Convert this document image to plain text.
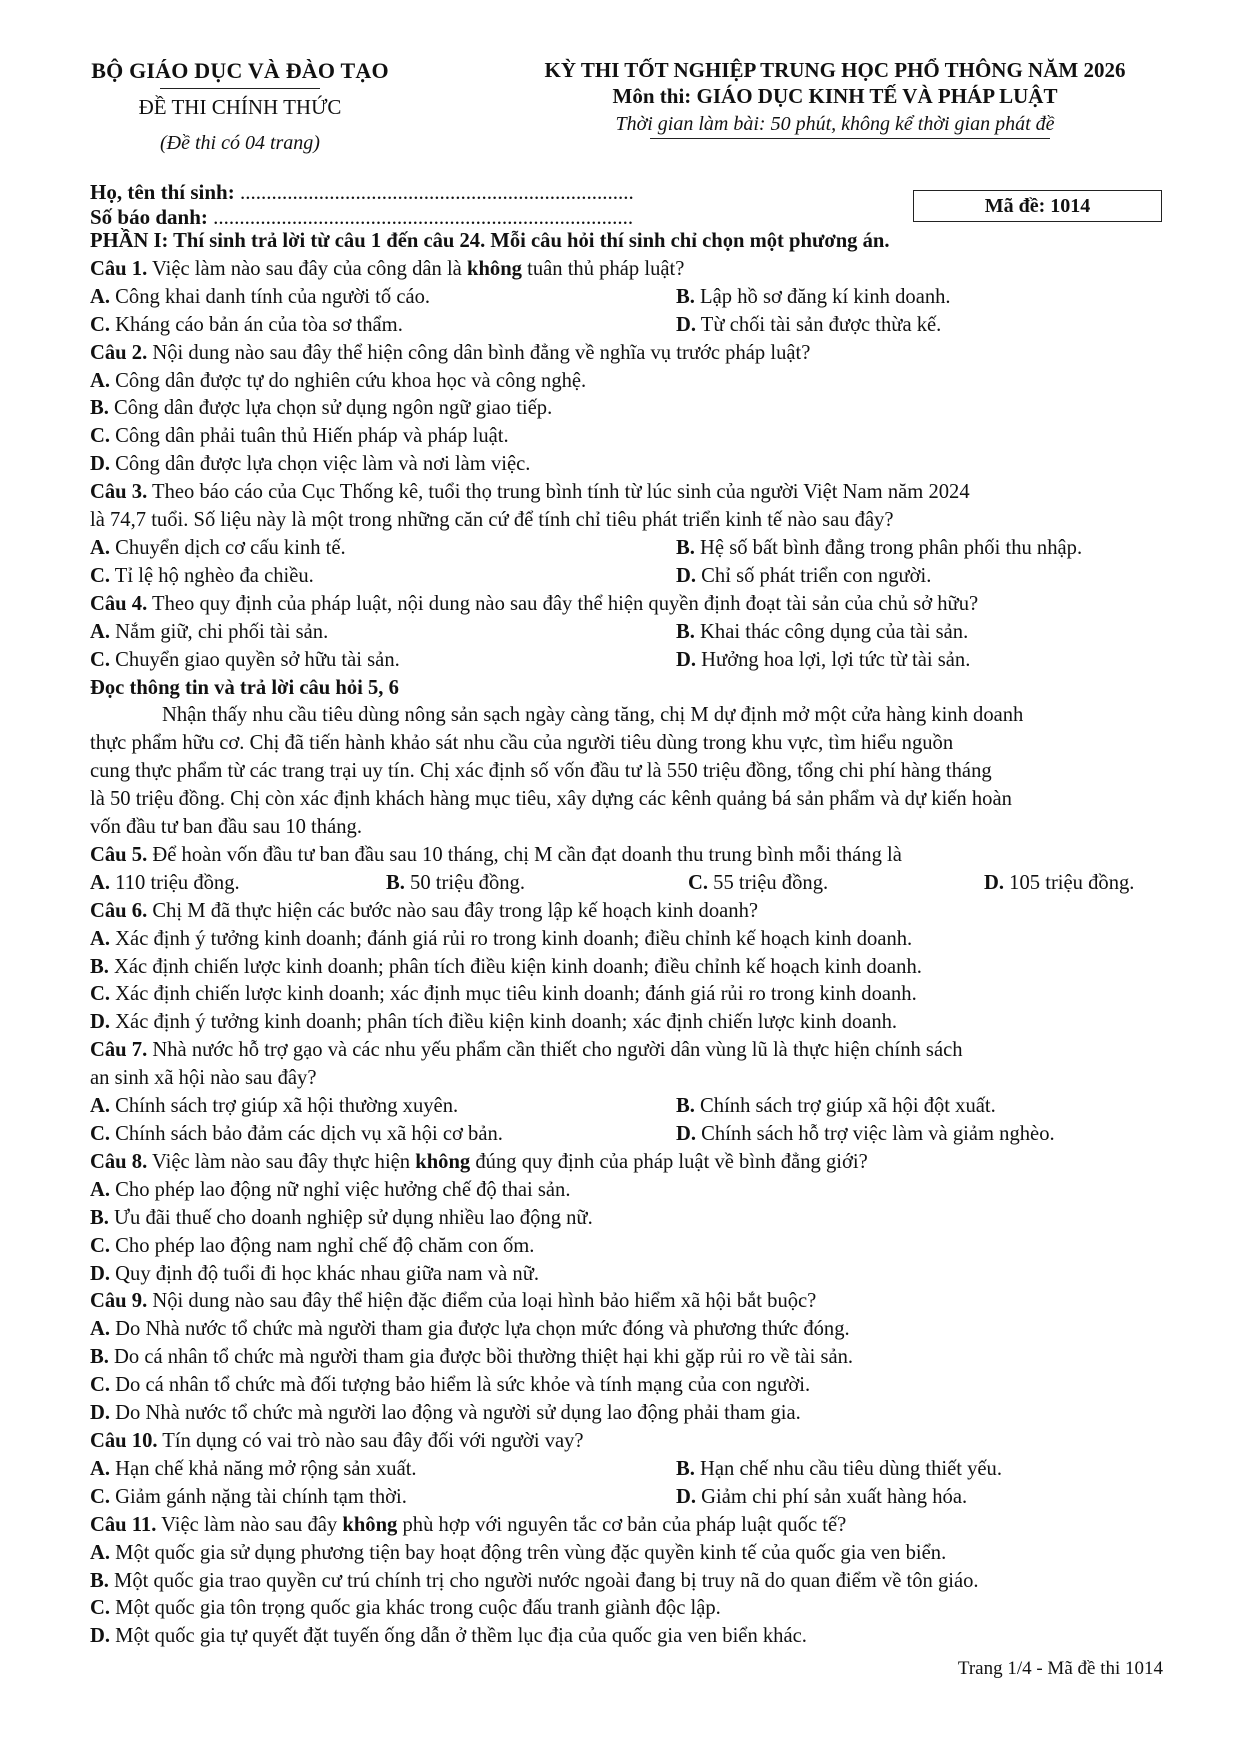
BỘ GIÁO DỤC VÀ ĐÀO TẠO
ĐỀ THI CHÍNH THỨC
(Đề thi có 04 trang)
KỲ THI TỐT NGHIỆP TRUNG HỌC PHỔ THÔNG NĂM 2026
Môn thi: GIÁO DỤC KINH TẾ VÀ PHÁP LUẬT
Thời gian làm bài: 50 phút, không kể thời gian phát đề
Họ, tên thí sinh: ...........................................................................
Số báo danh: ................................................................................	Mã đề: 1014
PHẦN I: Thí sinh trả lời từ câu 1 đến câu 24. Mỗi câu hỏi thí sinh chỉ chọn một phương án.
Câu 1. Việc làm nào sau đây của công dân là không tuân thủ pháp luật?
A. Công khai danh tính của người tố cáo.	B. Lập hồ sơ đăng kí kinh doanh.
C. Kháng cáo bản án của tòa sơ thẩm.	D. Từ chối tài sản được thừa kế.
Câu 2. Nội dung nào sau đây thể hiện công dân bình đẳng về nghĩa vụ trước pháp luật?
A. Công dân được tự do nghiên cứu khoa học và công nghệ.
B. Công dân được lựa chọn sử dụng ngôn ngữ giao tiếp.
C. Công dân phải tuân thủ Hiến pháp và pháp luật.
D. Công dân được lựa chọn việc làm và nơi làm việc.
Câu 3. Theo báo cáo của Cục Thống kê, tuổi thọ trung bình tính từ lúc sinh của người Việt Nam năm 2024
là 74,7 tuổi. Số liệu này là một trong những căn cứ để tính chỉ tiêu phát triển kinh tế nào sau đây?
A. Chuyển dịch cơ cấu kinh tế.	B. Hệ số bất bình đẳng trong phân phối thu nhập.
C. Tỉ lệ hộ nghèo đa chiều.	D. Chỉ số phát triển con người.
Câu 4. Theo quy định của pháp luật, nội dung nào sau đây thể hiện quyền định đoạt tài sản của chủ sở hữu?
A. Nắm giữ, chi phối tài sản.	B. Khai thác công dụng của tài sản.
C. Chuyển giao quyền sở hữu tài sản.	D. Hưởng hoa lợi, lợi tức từ tài sản.
Đọc thông tin và trả lời câu hỏi 5, 6
Nhận thấy nhu cầu tiêu dùng nông sản sạch ngày càng tăng, chị M dự định mở một cửa hàng kinh doanh
thực phẩm hữu cơ. Chị đã tiến hành khảo sát nhu cầu của người tiêu dùng trong khu vực, tìm hiểu nguồn
cung thực phẩm từ các trang trại uy tín. Chị xác định số vốn đầu tư là 550 triệu đồng, tổng chi phí hàng tháng
là 50 triệu đồng. Chị còn xác định khách hàng mục tiêu, xây dựng các kênh quảng bá sản phẩm và dự kiến hoàn
vốn đầu tư ban đầu sau 10 tháng.
Câu 5. Để hoàn vốn đầu tư ban đầu sau 10 tháng, chị M cần đạt doanh thu trung bình mỗi tháng là
A. 110 triệu đồng.	B. 50 triệu đồng.	C. 55 triệu đồng.	D. 105 triệu đồng.
Câu 6. Chị M đã thực hiện các bước nào sau đây trong lập kế hoạch kinh doanh?
A. Xác định ý tưởng kinh doanh; đánh giá rủi ro trong kinh doanh; điều chỉnh kế hoạch kinh doanh.
B. Xác định chiến lược kinh doanh; phân tích điều kiện kinh doanh; điều chỉnh kế hoạch kinh doanh.
C. Xác định chiến lược kinh doanh; xác định mục tiêu kinh doanh; đánh giá rủi ro trong kinh doanh.
D. Xác định ý tưởng kinh doanh; phân tích điều kiện kinh doanh; xác định chiến lược kinh doanh.
Câu 7. Nhà nước hỗ trợ gạo và các nhu yếu phẩm cần thiết cho người dân vùng lũ là thực hiện chính sách
an sinh xã hội nào sau đây?
A. Chính sách trợ giúp xã hội thường xuyên.	B. Chính sách trợ giúp xã hội đột xuất.
C. Chính sách bảo đảm các dịch vụ xã hội cơ bản.	D. Chính sách hỗ trợ việc làm và giảm nghèo.
Câu 8. Việc làm nào sau đây thực hiện không đúng quy định của pháp luật về bình đẳng giới?
A. Cho phép lao động nữ nghỉ việc hưởng chế độ thai sản.
B. Ưu đãi thuế cho doanh nghiệp sử dụng nhiều lao động nữ.
C. Cho phép lao động nam nghỉ chế độ chăm con ốm.
D. Quy định độ tuổi đi học khác nhau giữa nam và nữ.
Câu 9. Nội dung nào sau đây thể hiện đặc điểm của loại hình bảo hiểm xã hội bắt buộc?
A. Do Nhà nước tổ chức mà người tham gia được lựa chọn mức đóng và phương thức đóng.
B. Do cá nhân tổ chức mà người tham gia được bồi thường thiệt hại khi gặp rủi ro về tài sản.
C. Do cá nhân tổ chức mà đối tượng bảo hiểm là sức khỏe và tính mạng của con người.
D. Do Nhà nước tổ chức mà người lao động và người sử dụng lao động phải tham gia.
Câu 10. Tín dụng có vai trò nào sau đây đối với người vay?
A. Hạn chế khả năng mở rộng sản xuất.	B. Hạn chế nhu cầu tiêu dùng thiết yếu.
C. Giảm gánh nặng tài chính tạm thời.	D. Giảm chi phí sản xuất hàng hóa.
Câu 11. Việc làm nào sau đây không phù hợp với nguyên tắc cơ bản của pháp luật quốc tế?
A. Một quốc gia sử dụng phương tiện bay hoạt động trên vùng đặc quyền kinh tế của quốc gia ven biển.
B. Một quốc gia trao quyền cư trú chính trị cho người nước ngoài đang bị truy nã do quan điểm về tôn giáo.
C. Một quốc gia tôn trọng quốc gia khác trong cuộc đấu tranh giành độc lập.
D. Một quốc gia tự quyết đặt tuyến ống dẫn ở thềm lục địa của quốc gia ven biển khác.
Trang 1/4 - Mã đề thi 1014
